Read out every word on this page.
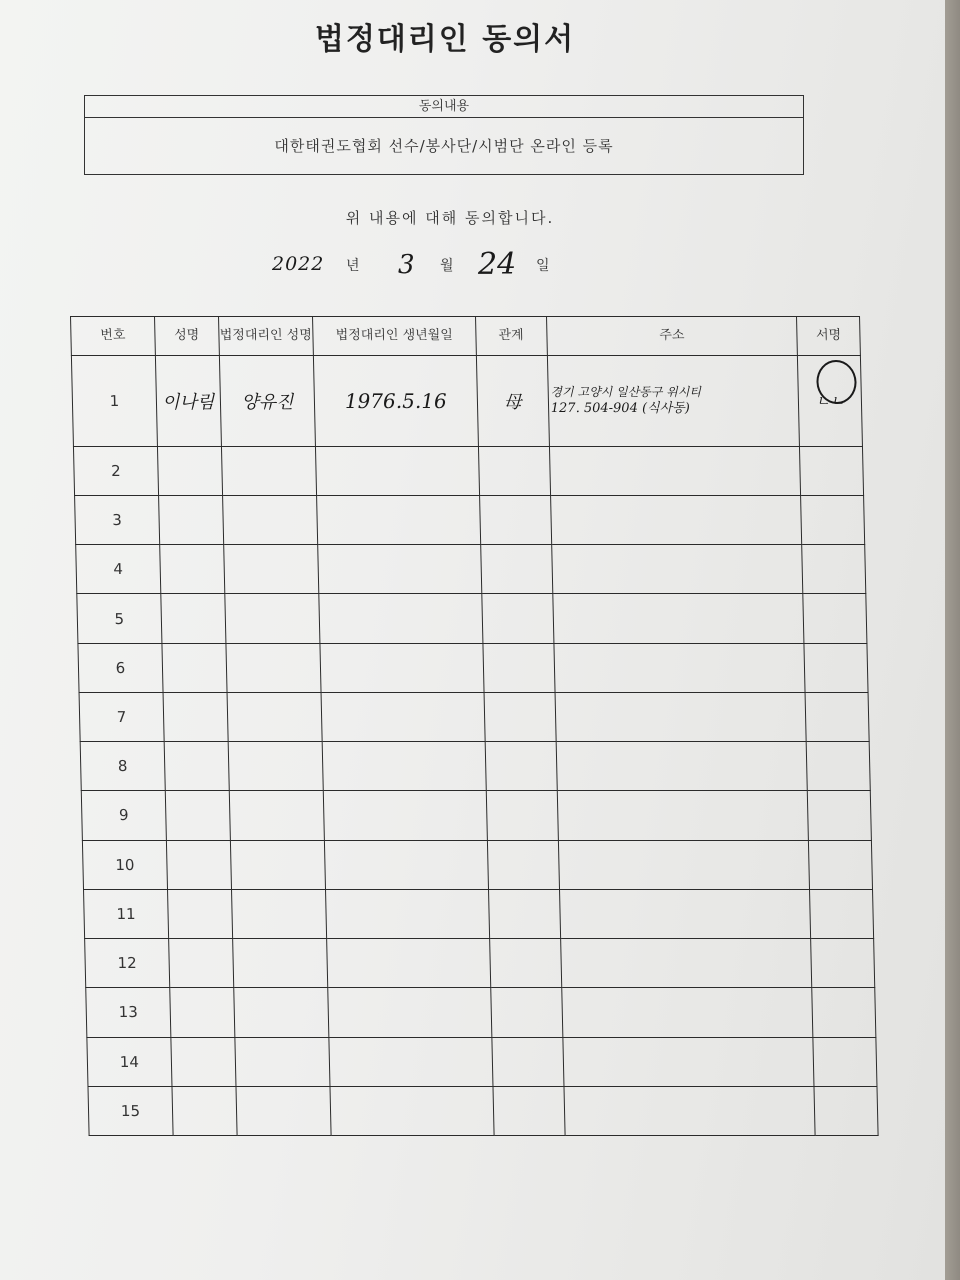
법정대리인 동의서
동의내용
대한태권도협회 선수/봉사단/시범단 온라인 등록
위 내용에 대해 동의합니다.
2022 년 3 월 24 일
번호	성명	법정대리인 성명	법정대리인 생년월일	관계	주소	서명
1	이나림	양유진	1976.5.16	母	경기 고양시 일산동구 위시티
127. 504-904 (식사동)	ㄴㄴ
2						
3						
4						
5						
6						
7						
8						
9						
10						
11						
12						
13						
14						
15						
